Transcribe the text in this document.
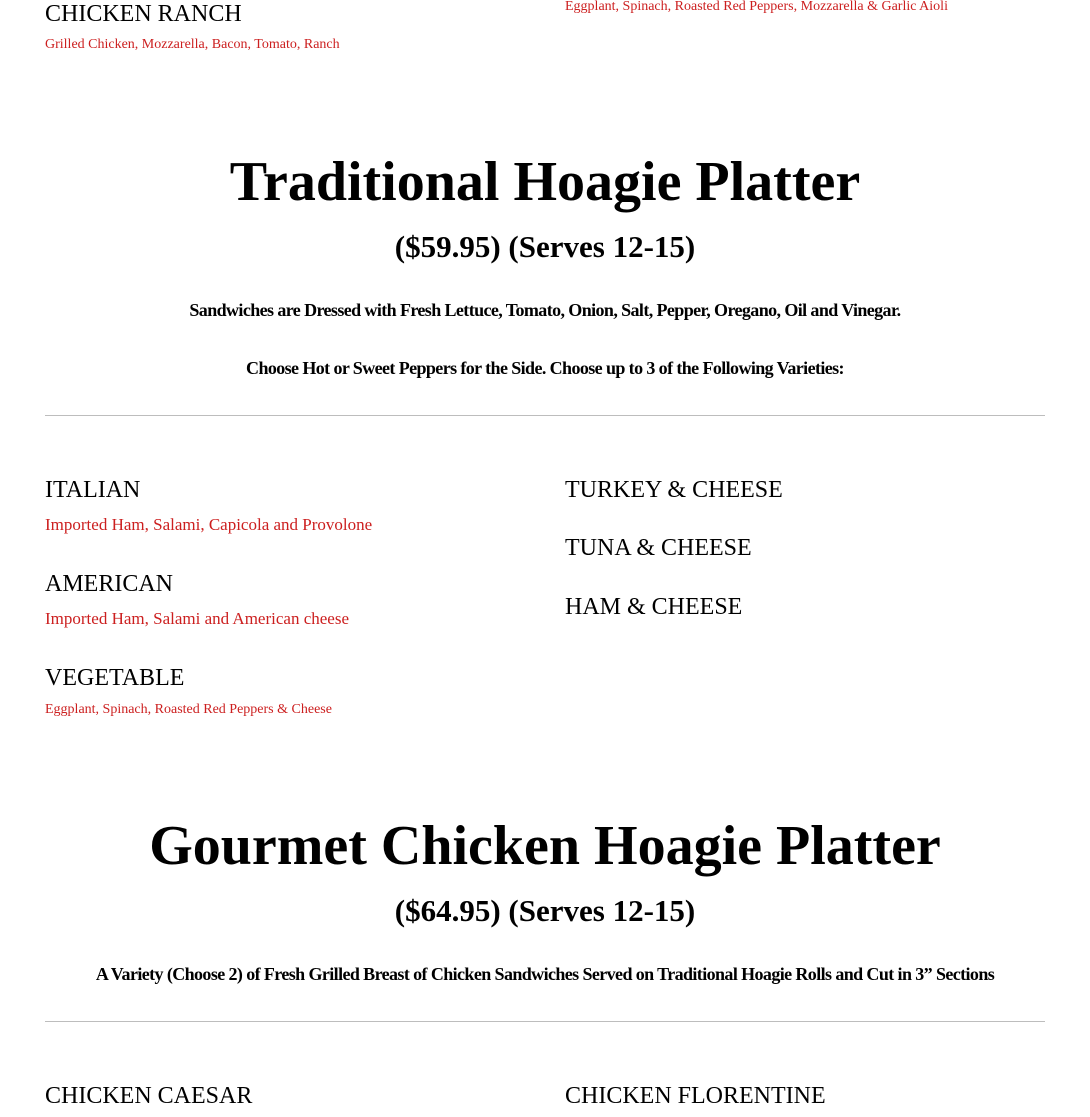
CHICKEN RANCH
Grilled Chicken, Mozzarella, Bacon, Tomato, Ranch
Eggplant, Spinach, Roasted Red Peppers, Mozzarella & Garlic Aioli
Traditional Hoagie Platter
($59.95) (Serves 12-15)
Sandwiches are Dressed with Fresh Lettuce, Tomato, Onion, Salt, Pepper, Oregano, Oil and Vinegar.
Choose Hot or Sweet Peppers for the Side. Choose up to 3 of the Following Varieties:
ITALIAN
Imported Ham, Salami, Capicola and Provolone
AMERICAN
Imported Ham, Salami and American cheese
VEGETABLE
Eggplant, Spinach, Roasted Red Peppers & Cheese
TURKEY & CHEESE
TUNA & CHEESE
HAM & CHEESE
Gourmet Chicken Hoagie Platter
($64.95) (Serves 12-15)
A Variety (Choose 2) of Fresh Grilled Breast of Chicken Sandwiches Served on Traditional Hoagie Rolls and Cut in 3” Sections
CHICKEN CAESAR	CHICKEN FLORENTINE
